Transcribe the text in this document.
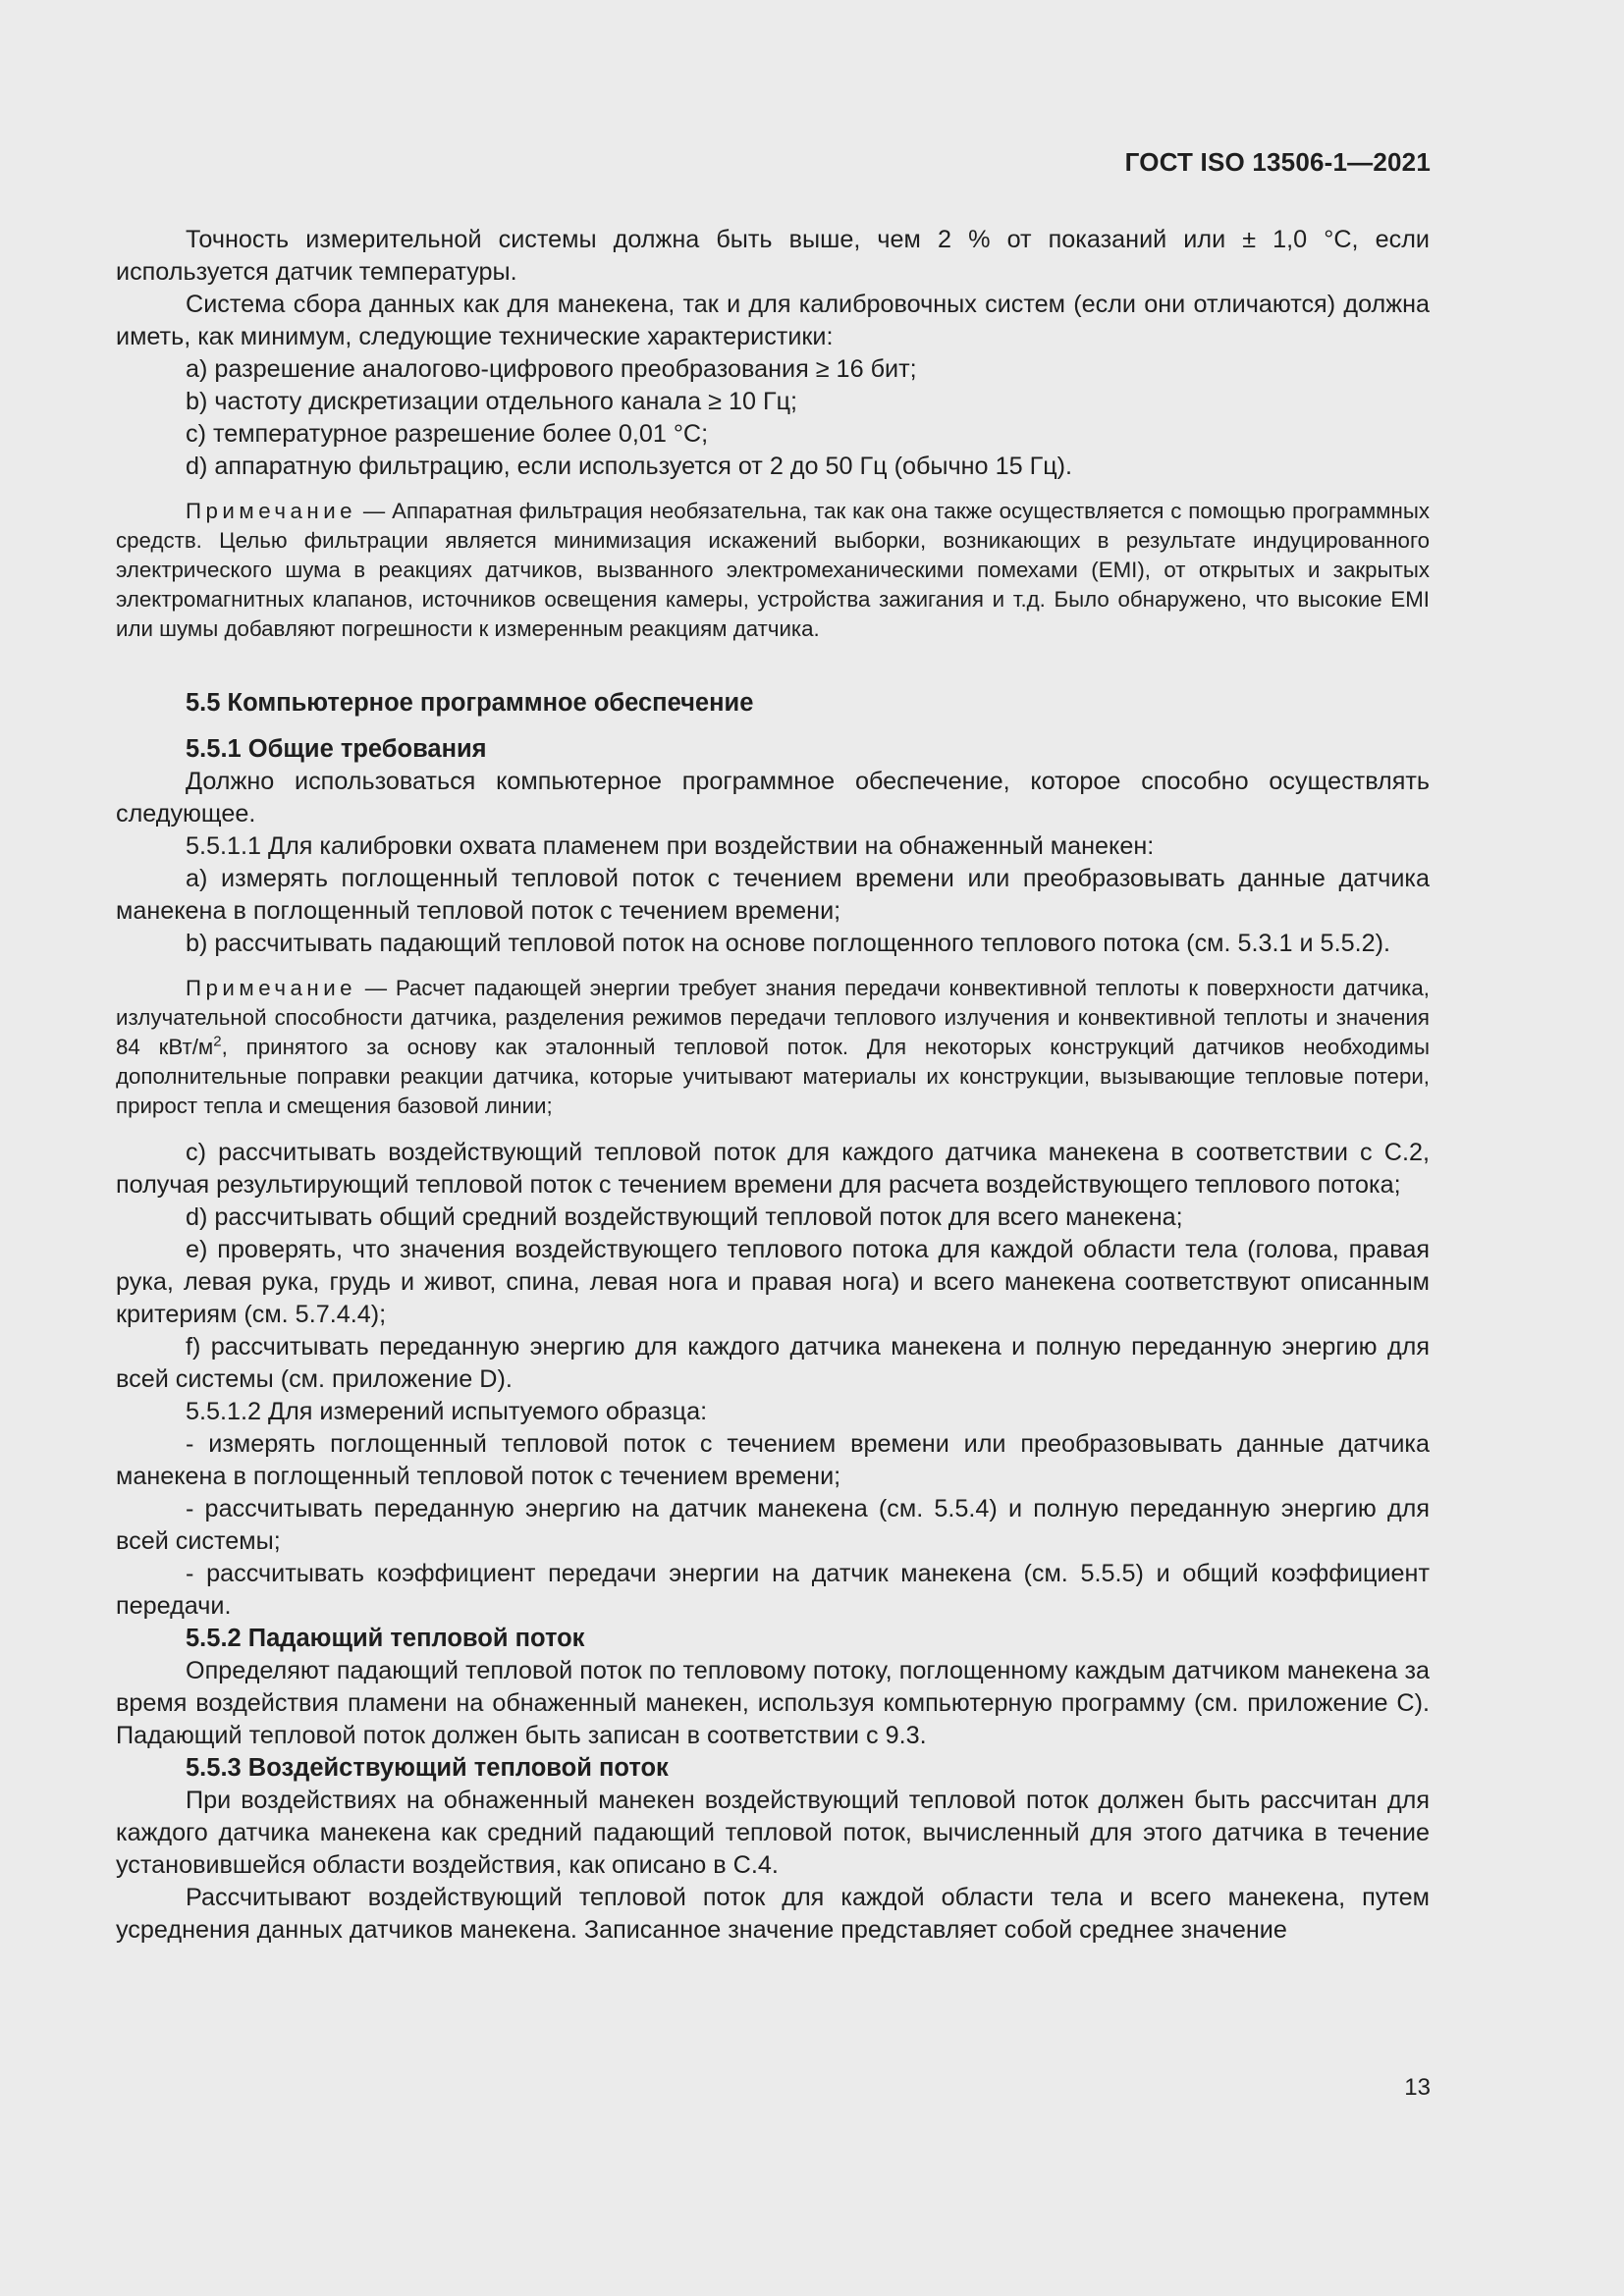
ГОСТ ISO 13506-1—2021

Точность измерительной системы должна быть выше, чем 2 % от показаний или ± 1,0 °С, если используется датчик температуры.

Система сбора данных как для манекена, так и для калибровочных систем (если они отличаются) должна иметь, как минимум, следующие технические характеристики:

a) разрешение аналогово-цифрового преобразования ≥ 16 бит;

b) частоту дискретизации отдельного канала ≥ 10 Гц;

c) температурное разрешение более 0,01 °С;

d) аппаратную фильтрацию, если используется от 2 до 50 Гц (обычно 15 Гц).

Примечание — Аппаратная фильтрация необязательна, так как она также осуществляется с помощью программных средств. Целью фильтрации является минимизация искажений выборки, возникающих в результате индуцированного электрического шума в реакциях датчиков, вызванного электромеханическими помехами (EMI), от открытых и закрытых электромагнитных клапанов, источников освещения камеры, устройства зажигания и т.д. Было обнаружено, что высокие EMI или шумы добавляют погрешности к измеренным реакциям датчика.

5.5 Компьютерное программное обеспечение

5.5.1 Общие требования

Должно использоваться компьютерное программное обеспечение, которое способно осуществлять следующее.

5.5.1.1 Для калибровки охвата пламенем при воздействии на обнаженный манекен:

a) измерять поглощенный тепловой поток с течением времени или преобразовывать данные датчика манекена в поглощенный тепловой поток с течением времени;

b) рассчитывать падающий тепловой поток на основе поглощенного теплового потока (см. 5.3.1 и 5.5.2).

Примечание — Расчет падающей энергии требует знания передачи конвективной теплоты к поверхности датчика, излучательной способности датчика, разделения режимов передачи теплового излучения и конвективной теплоты и значения 84 кВт/$м^2$, принятого за основу как эталонный тепловой поток. Для некоторых конструкций датчиков необходимы дополнительные поправки реакции датчика, которые учитывают материалы их конструкции, вызывающие тепловые потери, прирост тепла и смещения базовой линии;

c) рассчитывать воздействующий тепловой поток для каждого датчика манекена в соответствии с С.2, получая результирующий тепловой поток с течением времени для расчета воздействующего теплового потока;

d) рассчитывать общий средний воздействующий тепловой поток для всего манекена;

e) проверять, что значения воздействующего теплового потока для каждой области тела (голова, правая рука, левая рука, грудь и живот, спина, левая нога и правая нога) и всего манекена соответствуют описанным критериям (см. 5.7.4.4);

f) рассчитывать переданную энергию для каждого датчика манекена и полную переданную энергию для всей системы (см. приложение D).

5.5.1.2 Для измерений испытуемого образца:

- измерять поглощенный тепловой поток с течением времени или преобразовывать данные датчика манекена в поглощенный тепловой поток с течением времени;

- рассчитывать переданную энергию на датчик манекена (см. 5.5.4) и полную переданную энергию для всей системы;

- рассчитывать коэффициент передачи энергии на датчик манекена (см. 5.5.5) и общий коэффициент передачи.

5.5.2 Падающий тепловой поток

Определяют падающий тепловой поток по тепловому потоку, поглощенному каждым датчиком манекена за время воздействия пламени на обнаженный манекен, используя компьютерную программу (см. приложение С). Падающий тепловой поток должен быть записан в соответствии с 9.3.

5.5.3 Воздействующий тепловой поток

При воздействиях на обнаженный манекен воздействующий тепловой поток должен быть рассчитан для каждого датчика манекена как средний падающий тепловой поток, вычисленный для этого датчика в течение установившейся области воздействия, как описано в С.4.

Рассчитывают воздействующий тепловой поток для каждой области тела и всего манекена, путем усреднения данных датчиков манекена. Записанное значение представляет собой среднее значение

13
